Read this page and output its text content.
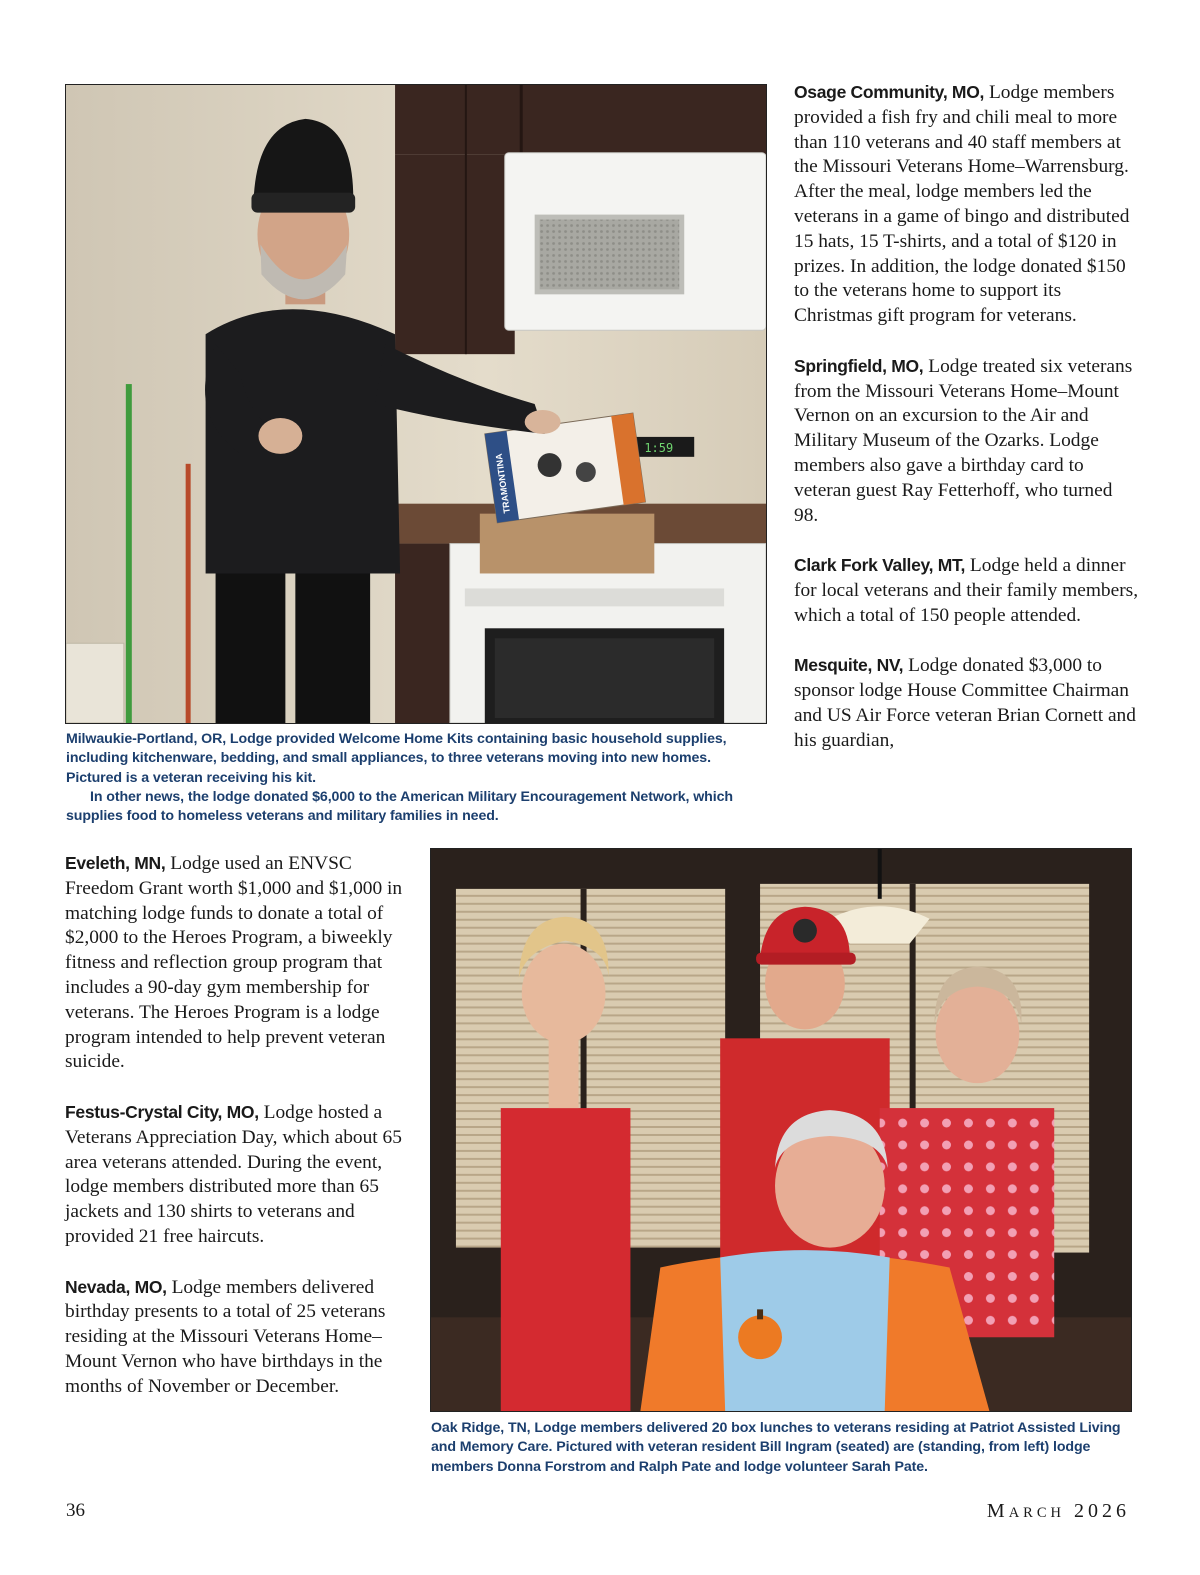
1:59
TRAMONTINA

Milwaukie-Portland, OR, Lodge provided Welcome Home Kits containing basic household supplies, including kitchenware, bedding, and small appliances, to three veterans moving into new homes. Pictured is a veteran receiving his kit.

In other news, the lodge donated $6,000 to the American Military Encouragement Network, which supplies food to homeless veterans and military families in need.

Osage Community, MO, Lodge members provided a fish fry and chili meal to more than 110 veterans and 40 staff members at the Missouri Veterans Home–Warrensburg. After the meal, lodge members led the veterans in a game of bingo and distributed 15 hats, 15 T-shirts, and a total of $120 in prizes. In addition, the lodge donated $150 to the veterans home to support its Christmas gift program for veterans.

Springfield, MO, Lodge treated six veterans from the Missouri Veterans Home–Mount Vernon on an excursion to the Air and Military Museum of the Ozarks. Lodge members also gave a birthday card to veteran guest Ray Fetterhoff, who turned 98.

Clark Fork Valley, MT, Lodge held a dinner for local veterans and their family members, which a total of 150 people attended.

Mesquite, NV, Lodge donated $3,000 to sponsor lodge House Committee Chairman and US Air Force veteran Brian Cornett and his guardian,

Eveleth, MN, Lodge used an ENVSC Freedom Grant worth $1,000 and $1,000 in matching lodge funds to donate a total of $2,000 to the Heroes Program, a biweekly fitness and reflection group program that includes a 90-day gym membership for veterans. The Heroes Program is a lodge program intended to help prevent veteran suicide.

Festus-Crystal City, MO, Lodge hosted a Veterans Appreciation Day, which about 65 area veterans attended. During the event, lodge members distributed more than 65 jackets and 130 shirts to veterans and provided 21 free haircuts.

Nevada, MO, Lodge members delivered birthday presents to a total of 25 veterans residing at the Missouri Veterans Home–Mount Vernon who have birthdays in the months of November or December.

Oak Ridge, TN, Lodge members delivered 20 box lunches to veterans residing at Patriot Assisted Living and Memory Care. Pictured with veteran resident Bill Ingram (seated) are (standing, from left) lodge members Donna Forstrom and Ralph Pate and lodge volunteer Sarah Pate.

36	MARCH 2026
